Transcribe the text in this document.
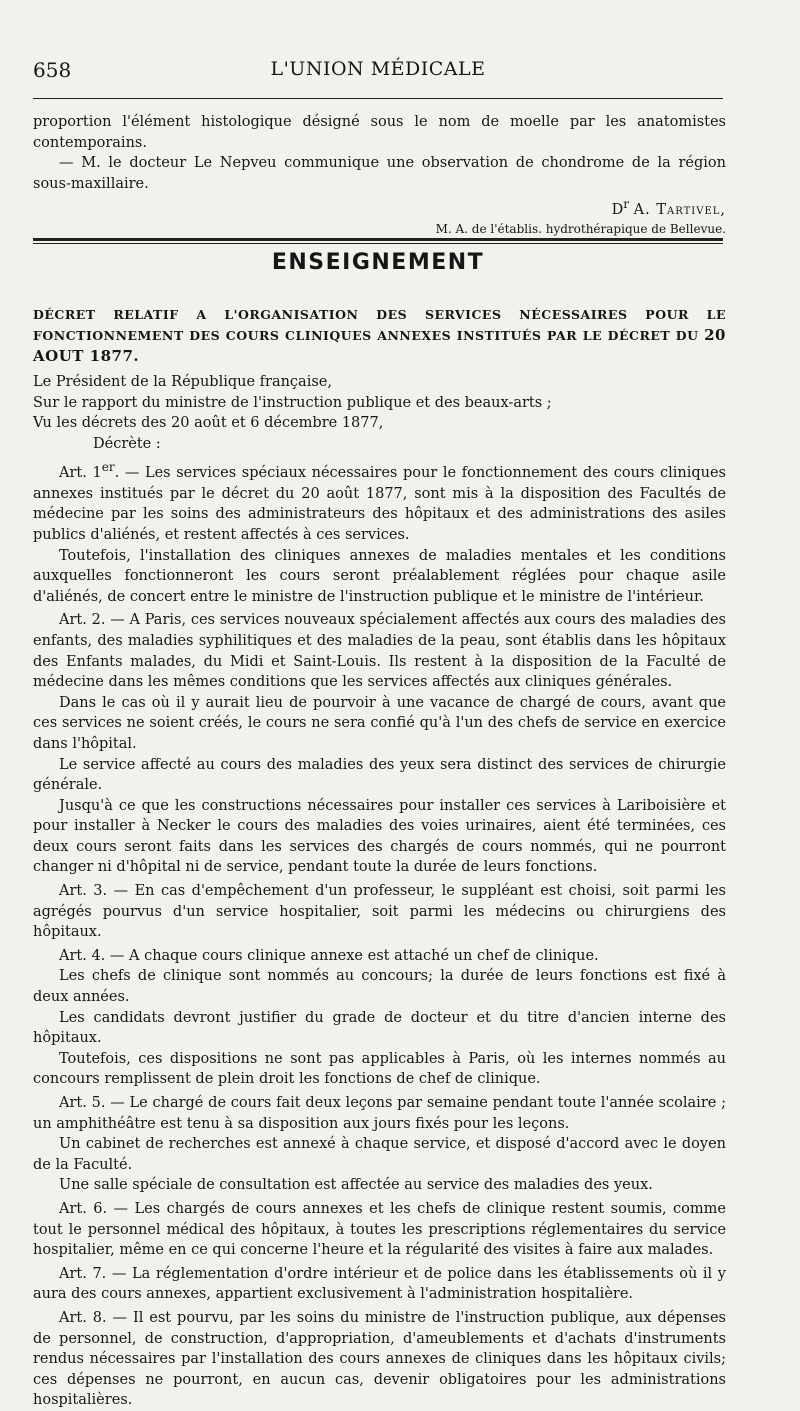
658	L'UNION MÉDICALE

proportion l'élément histologique désigné sous le nom de moelle par les anatomistes contemporains.

— M. le docteur Le Nepveu communique une observation de chondrome de la région sous-maxillaire.

$D^r$ A. Tartivel,

M. A. de l'établis. hydrothérapique de Bellevue.

ENSEIGNEMENT
DÉCRET RELATIF A L'ORGANISATION DES SERVICES NÉCESSAIRES POUR LE FONCTIONNEMENT DES COURS CLINIQUES ANNEXES INSTITUÉS PAR LE DÉCRET DU 20 AOUT 1877.

Le Président de la République française,

Sur le rapport du ministre de l'instruction publique et des beaux-arts ;

Vu les décrets des 20 août et 6 décembre 1877,

Décrète :

Art. 1er. — Les services spéciaux nécessaires pour le fonctionnement des cours cliniques annexes institués par le décret du 20 août 1877, sont mis à la disposition des Facultés de médecine par les soins des administrateurs des hôpitaux et des administrations des asiles publics d'aliénés, et restent affectés à ces services.

Toutefois, l'installation des cliniques annexes de maladies mentales et les conditions auxquelles fonctionneront les cours seront préalablement réglées pour chaque asile d'aliénés, de concert entre le ministre de l'instruction publique et le ministre de l'intérieur.

Art. 2. — A Paris, ces services nouveaux spécialement affectés aux cours des maladies des enfants, des maladies syphilitiques et des maladies de la peau, sont établis dans les hôpitaux des Enfants malades, du Midi et Saint-Louis. Ils restent à la disposition de la Faculté de médecine dans les mêmes conditions que les services affectés aux cliniques générales.

Dans le cas où il y aurait lieu de pourvoir à une vacance de chargé de cours, avant que ces services ne soient créés, le cours ne sera confié qu'à l'un des chefs de service en exercice dans l'hôpital.

Le service affecté au cours des maladies des yeux sera distinct des services de chirurgie générale.

Jusqu'à ce que les constructions nécessaires pour installer ces services à Lariboisière et pour installer à Necker le cours des maladies des voies urinaires, aient été terminées, ces deux cours seront faits dans les services des chargés de cours nommés, qui ne pourront changer ni d'hôpital ni de service, pendant toute la durée de leurs fonctions.

Art. 3. — En cas d'empêchement d'un professeur, le suppléant est choisi, soit parmi les agrégés pourvus d'un service hospitalier, soit parmi les médecins ou chirurgiens des hôpitaux.

Art. 4. — A chaque cours clinique annexe est attaché un chef de clinique.

Les chefs de clinique sont nommés au concours; la durée de leurs fonctions est fixé à deux années.

Les candidats devront justifier du grade de docteur et du titre d'ancien interne des hôpitaux.

Toutefois, ces dispositions ne sont pas applicables à Paris, où les internes nommés au concours remplissent de plein droit les fonctions de chef de clinique.

Art. 5. — Le chargé de cours fait deux leçons par semaine pendant toute l'année scolaire ; un amphithéâtre est tenu à sa disposition aux jours fixés pour les leçons.

Un cabinet de recherches est annexé à chaque service, et disposé d'accord avec le doyen de la Faculté.

Une salle spéciale de consultation est affectée au service des maladies des yeux.

Art. 6. — Les chargés de cours annexes et les chefs de clinique restent soumis, comme tout le personnel médical des hôpitaux, à toutes les prescriptions réglementaires du service hospitalier, même en ce qui concerne l'heure et la régularité des visites à faire aux malades.

Art. 7. — La réglementation d'ordre intérieur et de police dans les établissements où il y aura des cours annexes, appartient exclusivement à l'administration hospitalière.

Art. 8. — Il est pourvu, par les soins du ministre de l'instruction publique, aux dépenses de personnel, de construction, d'appropriation, d'ameublements et d'achats d'instruments rendus nécessaires par l'installation des cours annexes de cliniques dans les hôpitaux civils; ces dépenses ne pourront, en aucun cas, devenir obligatoires pour les administrations hospitalières.
